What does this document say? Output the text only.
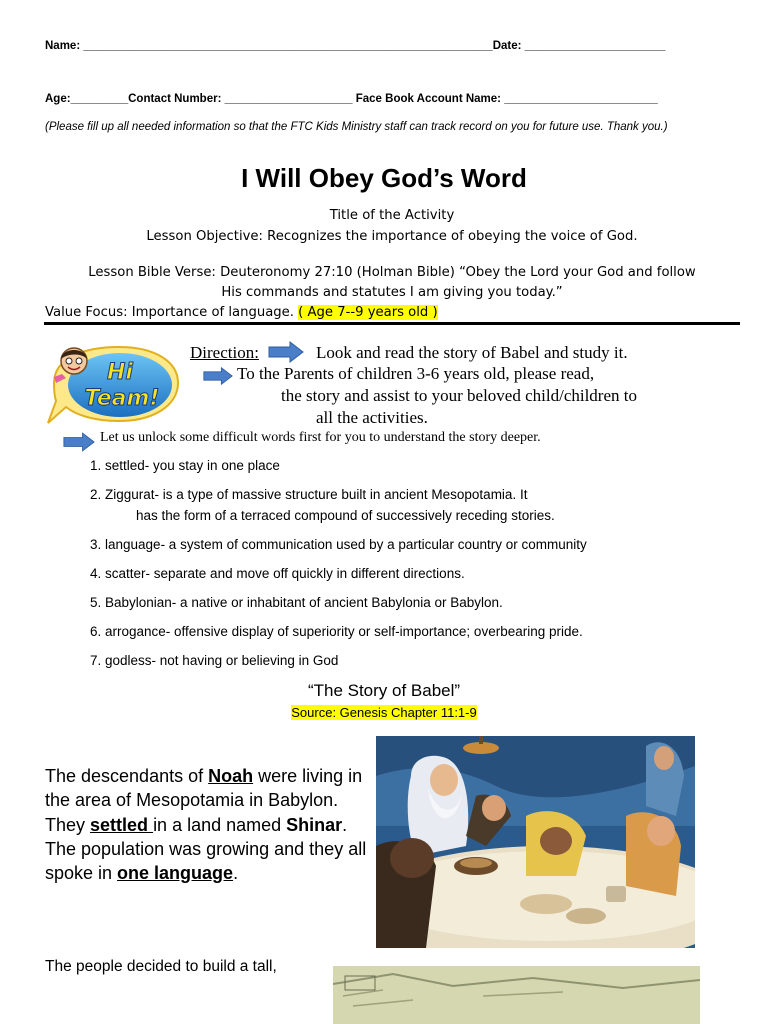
Name: ________________________________________________________________Date: ______________________
Age:_________Contact Number: ____________________ Face Book Account Name: ________________________
(Please fill up all needed information so that the FTC Kids Ministry staff can track record on you for future use. Thank you.)
I Will Obey God’s Word
Title of the Activity
Lesson Objective: Recognizes the importance of obeying the voice of God.
Lesson Bible Verse: Deuteronomy 27:10 (Holman Bible) “Obey the Lord your God and follow
His commands and statutes I am giving you today.”
Value Focus: Importance of language. ( Age 7--9 years old )
Hi
Team!
Direction:	Look and read the story of Babel and study it.
To the Parents of children 3-6 years old, please read,
the story and assist to your beloved child/children to
all the activities.
Let us unlock some difficult words first for you to understand the story deeper.
1. settled- you stay in one place
2. Ziggurat- is a type of massive structure built in ancient Mesopotamia. It
has the form of a terraced compound of successively receding stories.
3. language- a system of communication used by a particular country or community
4. scatter- separate and move off quickly in different directions.
5. Babylonian- a native or inhabitant of ancient Babylonia or Babylon.
6. arrogance- offensive display of superiority or self-importance; overbearing pride.
7. godless- not having or believing in God
“The Story of Babel”
Source: Genesis Chapter 11:1-9
The descendants of Noah were living in the area of Mesopotamia in Babylon. They settled in a land named Shinar. The population was growing and they all spoke in one language.
The people decided to build a tall,
